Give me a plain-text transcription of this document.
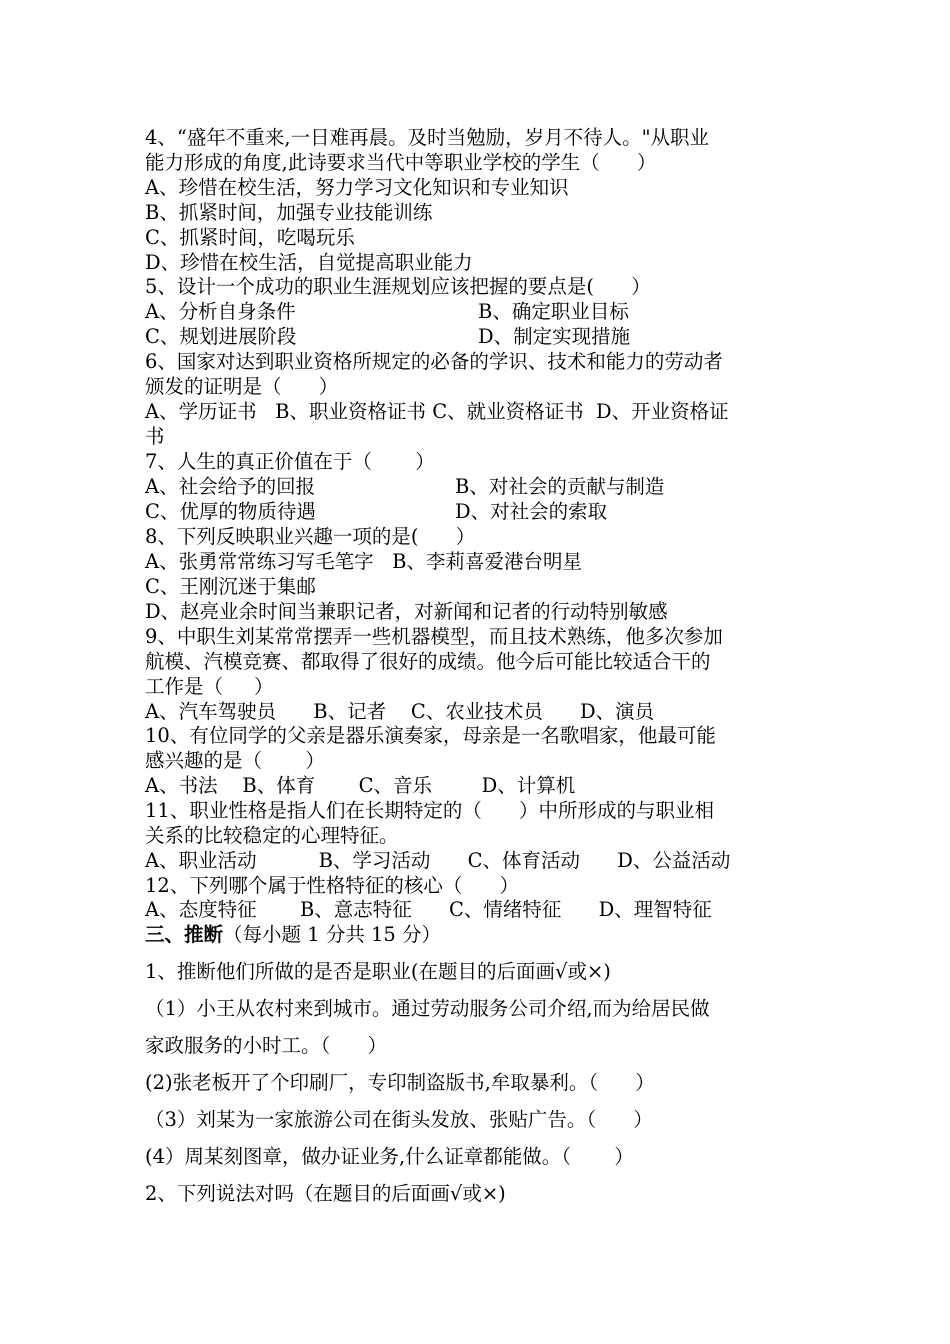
4、“盛年不重来,一日难再晨。及时当勉励，岁月不待人。"从职业
能力形成的角度,此诗要求当代中等职业学校的学生（      ）
A、珍惜在校生活，努力学习文化知识和专业知识
B、抓紧时间，加强专业技能训练
C、抓紧时间，吃喝玩乐
D、珍惜在校生活，自觉提高职业能力
5、设计一个成功的职业生涯规划应该把握的要点是(      ）
A、分析自身条件	B、确定职业目标
C、规划进展阶段	D、制定实现措施
6、国家对达到职业资格所规定的必备的学识、技术和能力的劳动者
颁发的证明是（      ）
A、学历证书   B、职业资格证书 C、就业资格证书  D、开业资格证
书
7、人生的真正价值在于（       ）
A、社会给予的回报	B、对社会的贡献与制造
C、优厚的物质待遇	D、对社会的索取
8、下列反映职业兴趣一项的是(      ）
A、张勇常常练习写毛笔字   B、李莉喜爱港台明星
C、王刚沉迷于集邮
D、赵亮业余时间当兼职记者，对新闻和记者的行动特别敏感
9、中职生刘某常常摆弄一些机器模型，而且技术熟练，他多次参加
航模、汽模竞赛、都取得了很好的成绩。他今后可能比较适合干的
工作是（     ）
A、汽车驾驶员      B、记者    C、农业技术员      D、演员
10、有位同学的父亲是器乐演奏家，母亲是一名歌唱家，他最可能
感兴趣的是（       ）
A、书法    B、体育       C、音乐        D、计算机
11、职业性格是指人们在长期特定的（      ）中所形成的与职业相
关系的比较稳定的心理特征。
A、职业活动          B、学习活动      C、体育活动      D、公益活动
12、下列哪个属于性格特征的核心（      ）
A、态度特征       B、意志特征      C、情绪特征      D、理智特征
三、推断（每小题 1 分共 15 分）
1、推断他们所做的是否是职业(在题目的后面画√或×)
（1）小王从农村来到城市。通过劳动服务公司介绍,而为给居民做
家政服务的小时工。（      ）
(2)张老板开了个印刷厂，专印制盗版书,牟取暴利。（      ）
（3）刘某为一家旅游公司在街头发放、张贴广告。（      ）
(4）周某刻图章，做办证业务,什么证章都能做。（       ）
2、下列说法对吗（在题目的后面画√或×)
